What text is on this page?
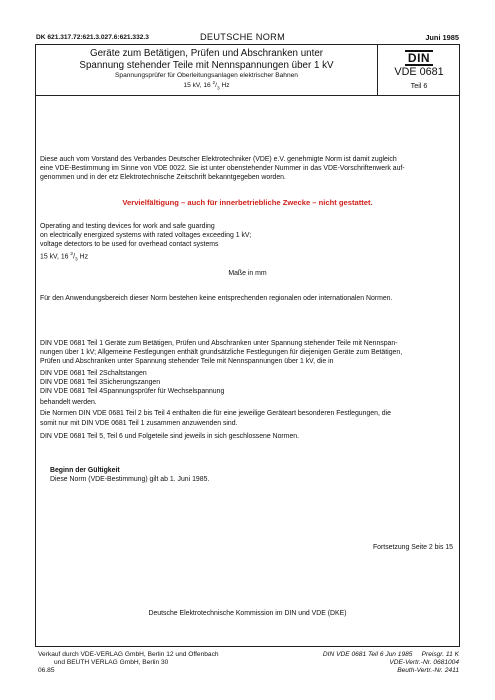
DK 621.317.72:621.3.027.6:621.332.3	DEUTSCHE NORM	Juni 1985
Geräte zum Betätigen, Prüfen und Abschranken unter
Spannung stehender Teile mit Nennspannungen über 1 kV
Spannungsprüfer für Oberleitungsanlagen elektrischer Bahnen
15 kV, 16 $^2/_3$ Hz
DIN
VDE 0681
Teil 6
Diese auch vom Vorstand des Verbandes Deutscher Elektrotechniker (VDE) e.V. genehmigte Norm ist damit zugleich
eine VDE-Bestimmung im Sinne von VDE 0022. Sie ist unter obenstehender Nummer in das VDE-Vorschriftenwerk auf-
genommen und in der etz Elektrotechnische Zeitschrift bekanntgegeben worden.
Vervielfältigung – auch für innerbetriebliche Zwecke – nicht gestattet.
Operating and testing devices for work and safe guarding
on electrically energized systems with rated voltages exceeding 1 kV;
voltage detectors to be used for overhead contact systems
15 kV, 16 $^2/_3$ Hz
Maße in mm
Für den Anwendungsbereich dieser Norm bestehen keine entsprechenden regionalen oder internationalen Normen.
DIN VDE 0681 Teil 1 Geräte zum Betätigen, Prüfen und Abschranken unter Spannung stehender Teile mit Nennspan-
nungen über 1 kV; Allgemeine Festlegungen enthält grundsätzliche Festlegungen für diejenigen Geräte zum Betätigen,
Prüfen und Abschranken unter Spannung stehender Teile mit Nennspannungen über 1 kV, die in
DIN VDE 0681 Teil 2 Schaltstangen
DIN VDE 0681 Teil 3 Sicherungszangen
DIN VDE 0681 Teil 4 Spannungsprüfer für Wechselspannung
behandelt werden.
Die Normen DIN VDE 0681 Teil 2 bis Teil 4 enthalten die für eine jeweilige Geräteart besonderen Festlegungen, die
somit nur mit DIN VDE 0681 Teil 1 zusammen anzuwenden sind.
DIN VDE 0681 Teil 5, Teil 6 und Folgeteile sind jeweils in sich geschlossene Normen.
Beginn der Gültigkeit
Diese Norm (VDE-Bestimmung) gilt ab 1. Juni 1985.
Fortsetzung Seite 2 bis 15
Deutsche Elektrotechnische Kommission im DIN und VDE (DKE)
Verkauf durch VDE-VERLAG GmbH, Berlin 12 und Offenbach
und BEUTH VERLAG GmbH, Berlin 30
06.85
DIN VDE 0681 Teil 6 Jun 1985     Preisgr. 11 K
VDE-Vertr.-Nr. 0681004
Beuth-Vertr.-Nr. 2411
